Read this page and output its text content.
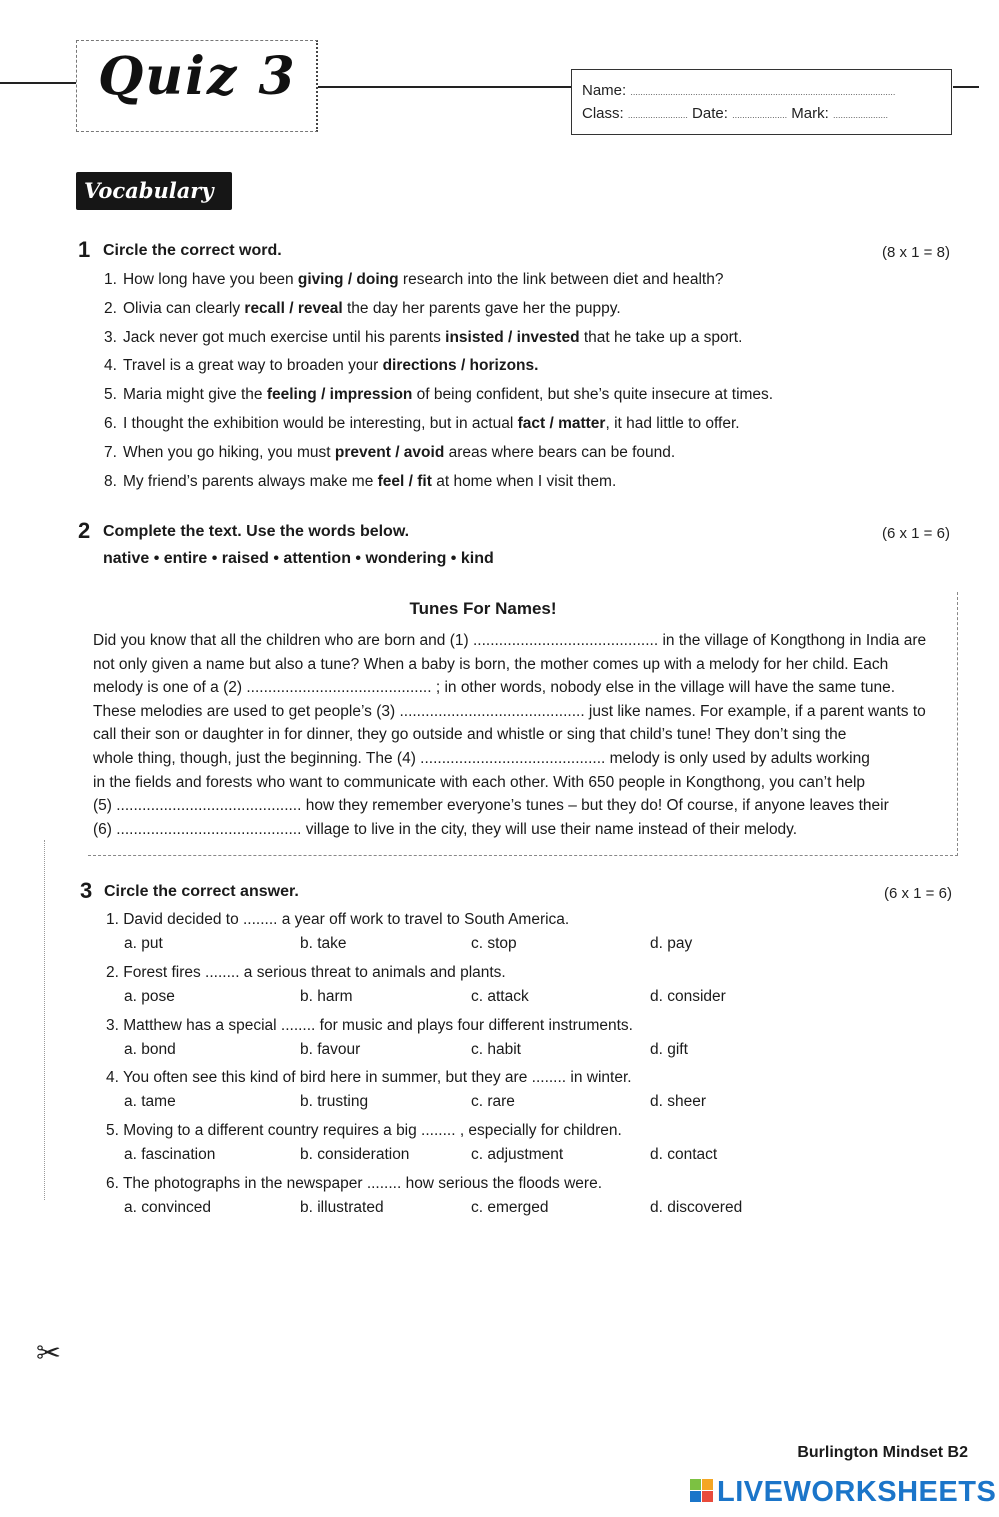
Quiz 3	Name: ..........................................................................................................
Class: ........................ Date: ...................... Mark: ......................
Vocabulary
1 Circle the correct word.	(8 x 1 = 8)
1. How long have you been giving / doing research into the link between diet and health?
2. Olivia can clearly recall / reveal the day her parents gave her the puppy.
3. Jack never got much exercise until his parents insisted / invested that he take up a sport.
4. Travel is a great way to broaden your directions / horizons.
5. Maria might give the feeling / impression of being confident, but she’s quite insecure at times.
6. I thought the exhibition would be interesting, but in actual fact / matter, it had little to offer.
7. When you go hiking, you must prevent / avoid areas where bears can be found.
8. My friend’s parents always make me feel / fit at home when I visit them.
2 Complete the text. Use the words below.	(6 x 1 = 6)
native • entire • raised • attention • wondering • kind
Tunes For Names!
Did you know that all the children who are born and (1) ........................................... in the village of Kongthong in India are
not only given a name but also a tune? When a baby is born, the mother comes up with a melody for her child. Each
melody is one of a (2) ........................................... ; in other words, nobody else in the village will have the same tune.
These melodies are used to get people’s (3) ........................................... just like names. For example, if a parent wants to
call their son or daughter in for dinner, they go outside and whistle or sing that child’s tune! They don’t sing the
whole thing, though, just the beginning. The (4) ........................................... melody is only used by adults working
in the fields and forests who want to communicate with each other. With 650 people in Kongthong, you can’t help
(5) ........................................... how they remember everyone’s tunes – but they do! Of course, if anyone leaves their
(6) ........................................... village to live in the city, they will use their name instead of their melody.
3 Circle the correct answer.	(6 x 1 = 6)
1. David decided to ........ a year off work to travel to South America.
a. put	b. take	c. stop	d. pay
2. Forest fires ........ a serious threat to animals and plants.
a. pose	b. harm	c. attack	d. consider
3. Matthew has a special ........ for music and plays four different instruments.
a. bond	b. favour	c. habit	d. gift
4. You often see this kind of bird here in summer, but they are ........ in winter.
a. tame	b. trusting	c. rare	d. sheer
5. Moving to a different country requires a big ........ , especially for children.
a. fascination	b. consideration	c. adjustment	d. contact
6. The photographs in the newspaper ........ how serious the floods were.
a. convinced	b. illustrated	c. emerged	d. discovered
✂
Burlington Mindset B2
LIVEWORKSHEETS
